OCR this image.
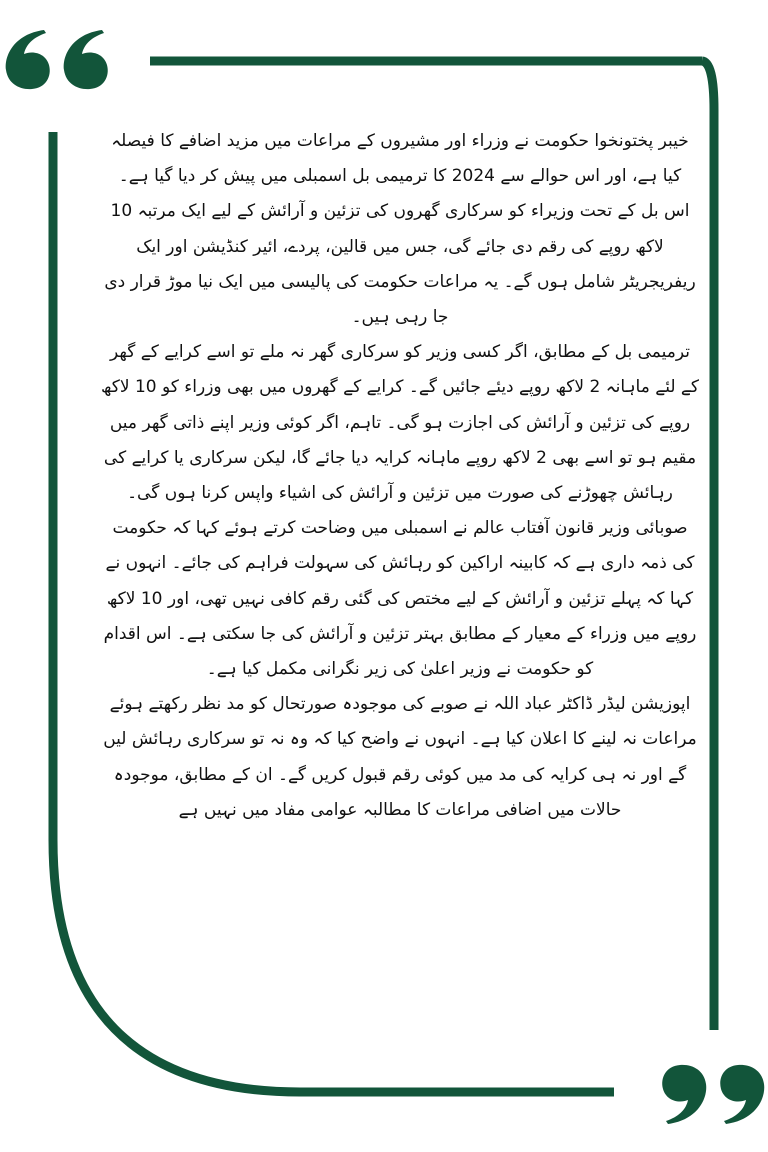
خیبر پختونخوا حکومت نے وزراء اور مشیروں کے مراعات میں مزید اضافے کا فیصلہ کیا ہے، اور اس حوالے سے 2024 کا ترمیمی بل اسمبلی میں پیش کر دیا گیا ہے۔

اس بل کے تحت وزیراء کو سرکاری گھروں کی تزئین و آرائش کے لیے ایک مرتبہ 10 لاکھ روپے کی رقم دی جائے گی، جس میں قالین، پردے، ائیر کنڈیشن اور ایک ریفریجریٹر شامل ہوں گے۔ یہ مراعات حکومت کی پالیسی میں ایک نیا موڑ قرار دی جا رہی ہیں۔

ترمیمی بل کے مطابق، اگر کسی وزیر کو سرکاری گھر نہ ملے تو اسے کرایے کے گھر کے لئے ماہانہ 2 لاکھ روپے دیئے جائیں گے۔ کرایے کے گھروں میں بھی وزراء کو 10 لاکھ روپے کی تزئین و آرائش کی اجازت ہو گی۔ تاہم، اگر کوئی وزیر اپنے ذاتی گھر میں مقیم ہو تو اسے بھی 2 لاکھ روپے ماہانہ کرایہ دیا جائے گا، لیکن سرکاری یا کرایے کی رہائش چھوڑنے کی صورت میں تزئین و آرائش کی اشیاء واپس کرنا ہوں گی۔

صوبائی وزیر قانون آفتاب عالم نے اسمبلی میں وضاحت کرتے ہوئے کہا کہ حکومت کی ذمہ داری ہے کہ کابینہ اراکین کو رہائش کی سہولت فراہم کی جائے۔ انہوں نے کہا کہ پہلے تزئین و آرائش کے لیے مختص کی گئی رقم کافی نہیں تھی، اور 10 لاکھ روپے میں وزراء کے معیار کے مطابق بہتر تزئین و آرائش کی جا سکتی ہے۔ اس اقدام کو حکومت نے وزیر اعلیٰ کی زیر نگرانی مکمل کیا ہے۔

اپوزیشن لیڈر ڈاکٹر عباد اللہ نے صوبے کی موجودہ صورتحال کو مد نظر رکھتے ہوئے مراعات نہ لینے کا اعلان کیا ہے۔ انہوں نے واضح کیا کہ وہ نہ تو سرکاری رہائش لیں گے اور نہ ہی کرایہ کی مد میں کوئی رقم قبول کریں گے۔ ان کے مطابق، موجودہ حالات میں اضافی مراعات کا مطالبہ عوامی مفاد میں نہیں ہے
